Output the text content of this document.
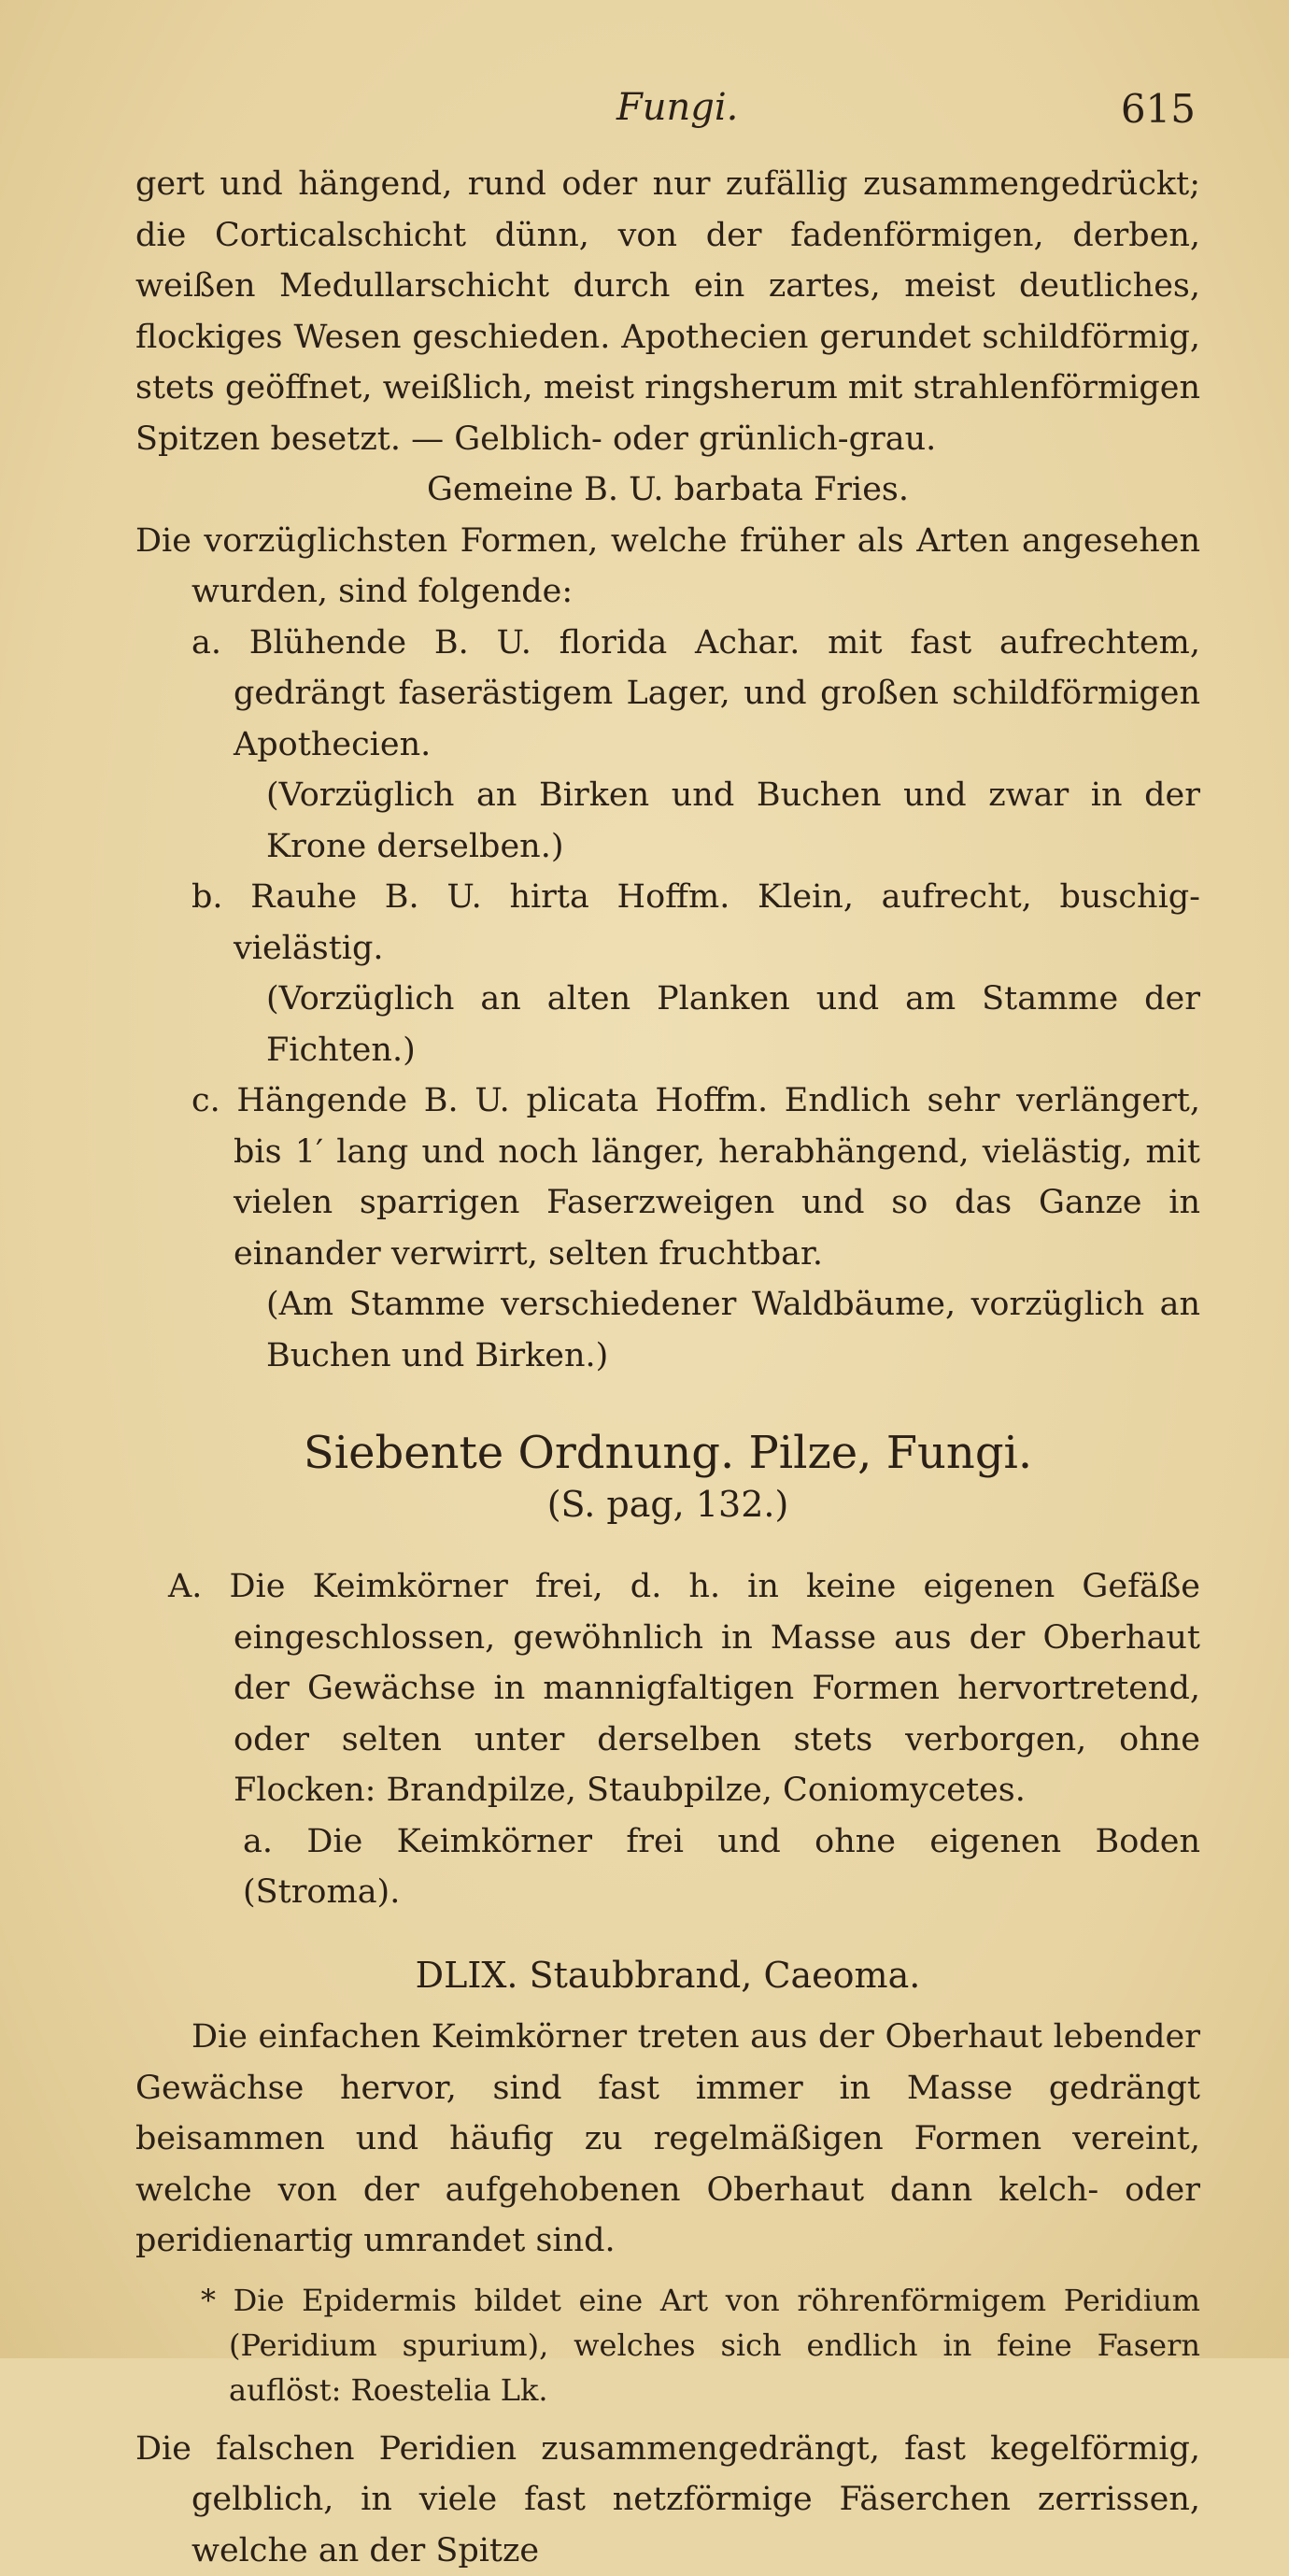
Fungi.	615

gert und hängend, rund oder nur zufällig zusammengedrückt; die Corticalschicht dünn, von der fadenförmigen, derben, weißen Medullarschicht durch ein zartes, meist deutliches, flockiges Wesen geschieden. Apothecien gerundet schildförmig, stets geöffnet, weißlich, meist ringsherum mit strahlenförmigen Spitzen besetzt. — Gelblich- oder grünlich-grau.

Gemeine B. U. barbata Fries.

Die vorzüglichsten Formen, welche früher als Arten angesehen wurden, sind folgende:

a. Blühende B. U. florida Achar. mit fast aufrechtem, gedrängt faserästigem Lager, und großen schildförmigen Apothecien.

(Vorzüglich an Birken und Buchen und zwar in der Krone derselben.)

b. Rauhe B. U. hirta Hoffm. Klein, aufrecht, buschig-vielästig.

(Vorzüglich an alten Planken und am Stamme der Fichten.)

c. Hängende B. U. plicata Hoffm. Endlich sehr verlängert, bis 1′ lang und noch länger, herabhängend, vielästig, mit vielen sparrigen Faserzweigen und so das Ganze in einander verwirrt, selten fruchtbar.

(Am Stamme verschiedener Waldbäume, vorzüglich an Buchen und Birken.)

Siebente Ordnung. Pilze, Fungi.

(S. pag, 132.)

A. Die Keimkörner frei, d. h. in keine eigenen Gefäße eingeschlossen, gewöhnlich in Masse aus der Oberhaut der Gewächse in mannigfaltigen Formen hervortretend, oder selten unter derselben stets verborgen, ohne Flocken: Brandpilze, Staubpilze, Coniomycetes.

a. Die Keimkörner frei und ohne eigenen Boden (Stroma).

DLIX. Staubbrand, Caeoma.

Die einfachen Keimkörner treten aus der Oberhaut lebender Gewächse hervor, sind fast immer in Masse gedrängt beisammen und häufig zu regelmäßigen Formen vereint, welche von der aufgehobenen Oberhaut dann kelch- oder peridienartig umrandet sind.

* Die Epidermis bildet eine Art von röhrenförmigem Peridium (Peridium spurium), welches sich endlich in feine Fasern auflöst: Roestelia Lk.

Die falschen Peridien zusammengedrängt, fast kegelförmig, gelblich, in viele fast netzförmige Fäserchen zerrissen, welche an der Spitze
